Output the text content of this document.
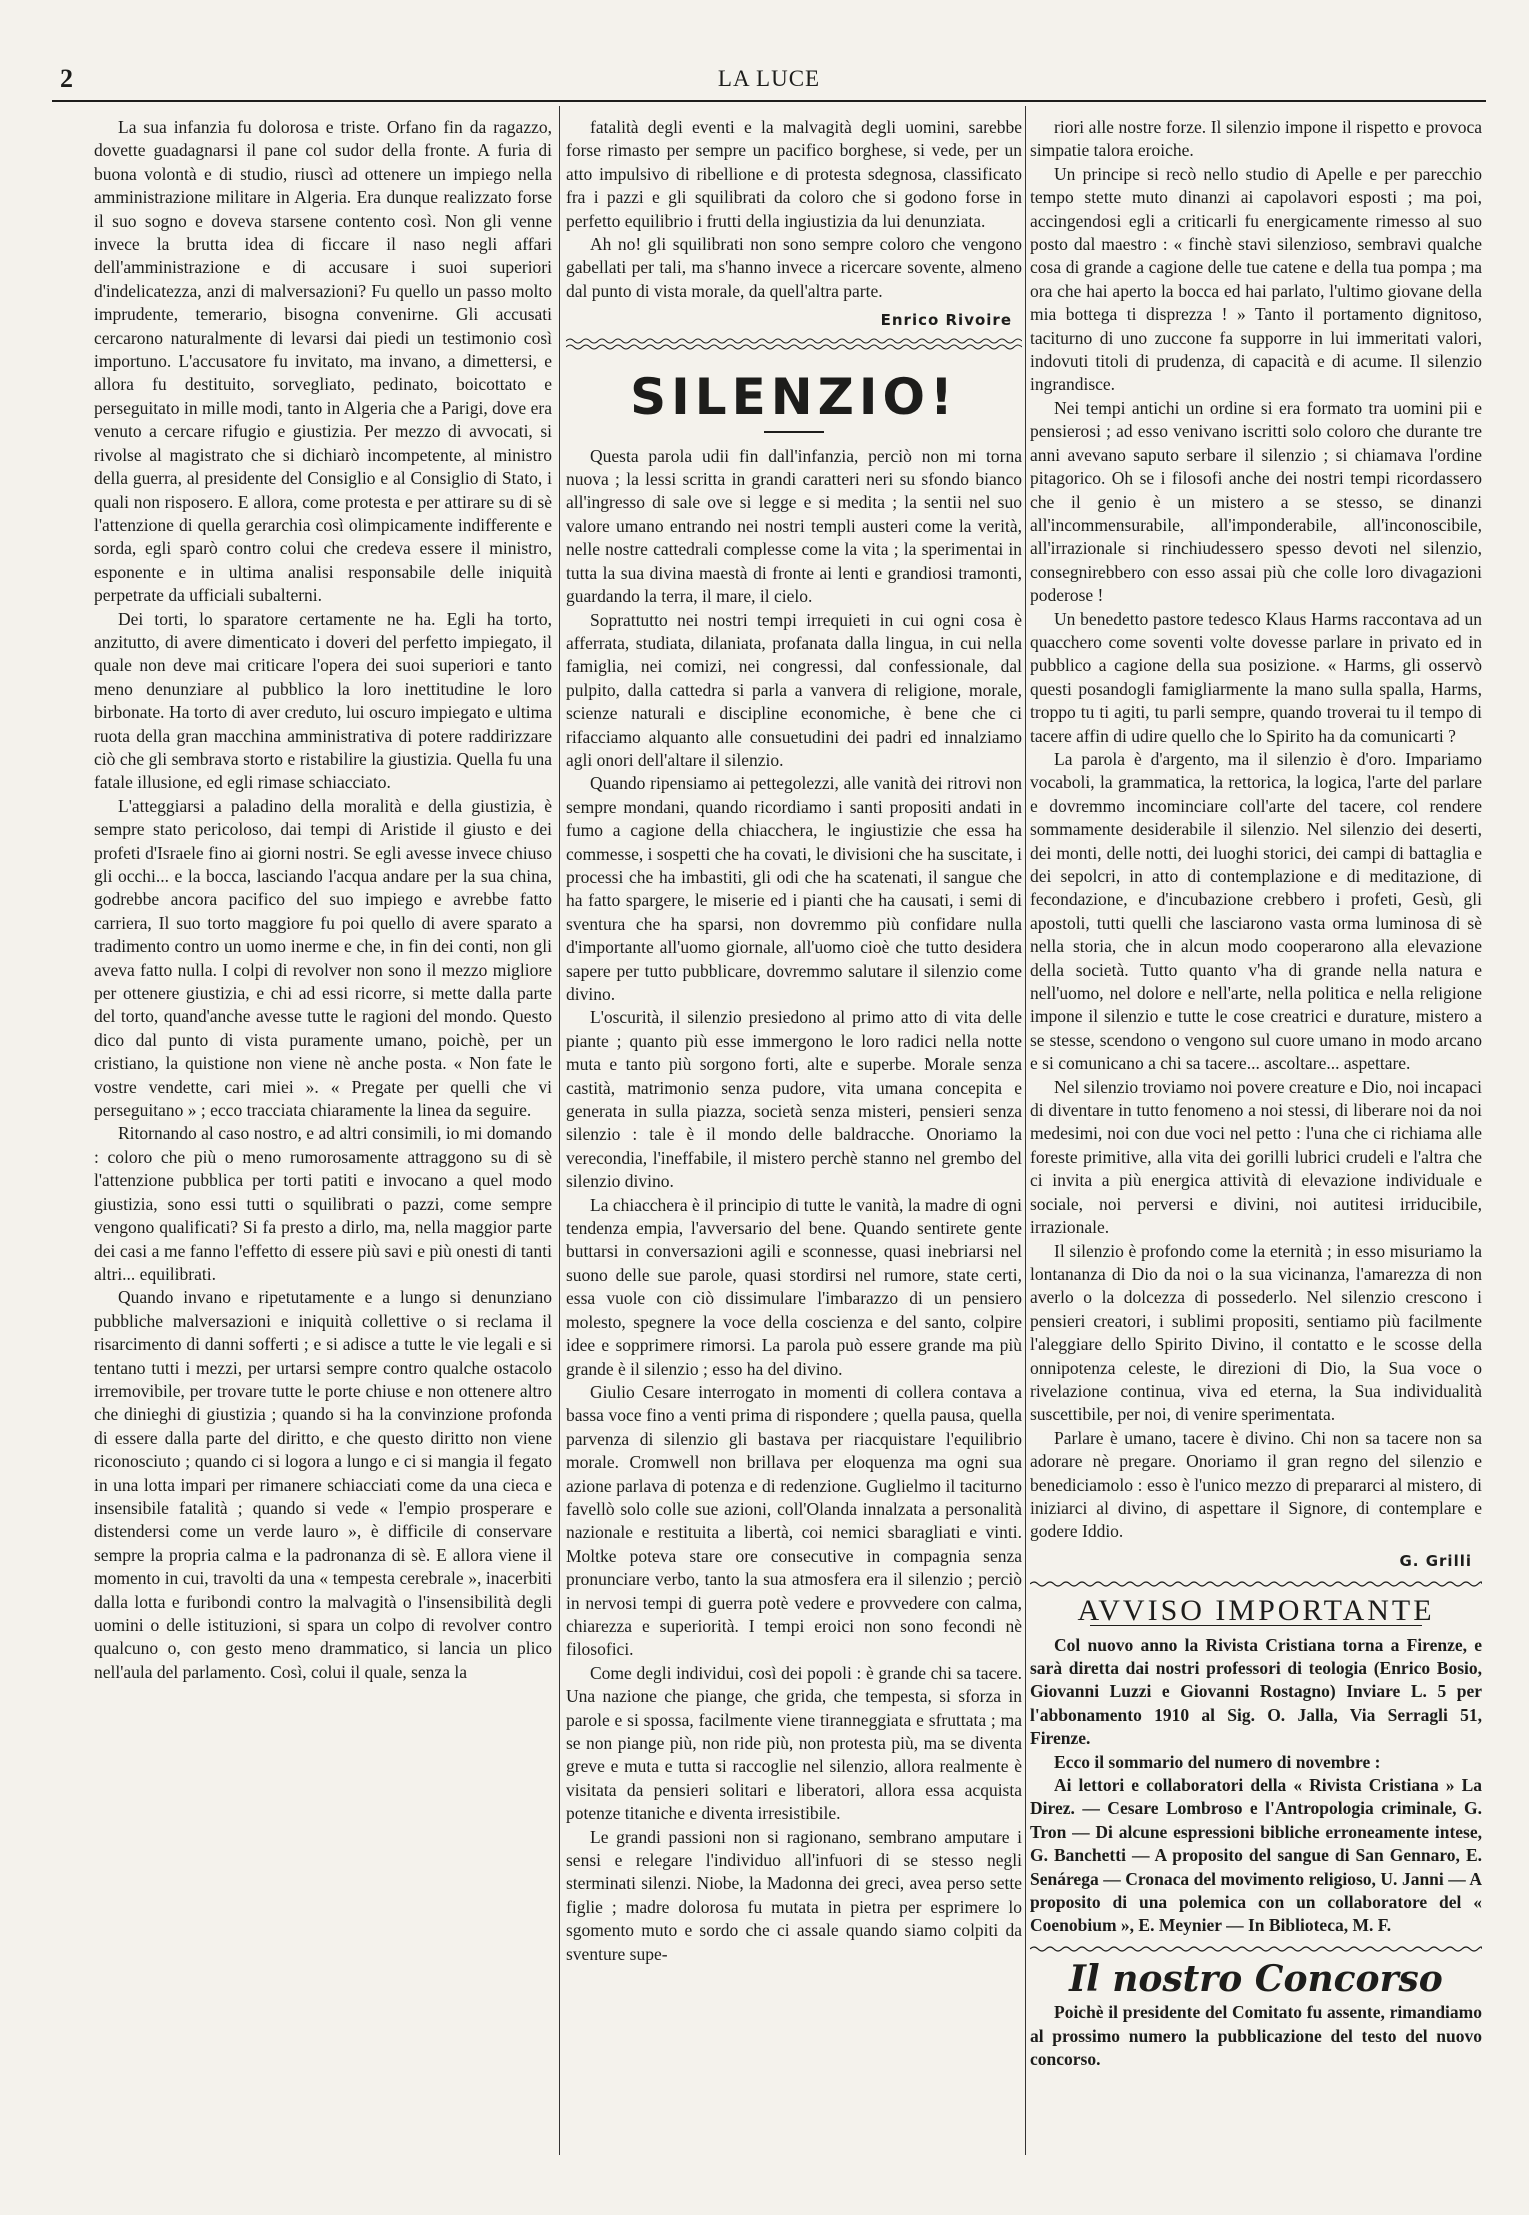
2	LA LUCE

La sua infanzia fu dolorosa e triste. Orfano fin da ragazzo, dovette guadagnarsi il pane col sudor della fronte. A furia di buona volontà e di studio, riuscì ad ottenere un impiego nella amministrazione militare in Algeria. Era dunque realizzato forse il suo sogno e doveva starsene contento così. Non gli venne invece la brutta idea di ficcare il naso negli affari dell'amministrazione e di accusare i suoi superiori d'indelicatezza, anzi di malversazioni? Fu quello un passo molto imprudente, temerario, bisogna convenirne. Gli accusati cercarono naturalmente di levarsi dai piedi un testimonio così importuno. L'accusatore fu invitato, ma invano, a dimettersi, e allora fu destituito, sorvegliato, pedinato, boicottato e perseguitato in mille modi, tanto in Algeria che a Parigi, dove era venuto a cercare rifugio e giustizia. Per mezzo di avvocati, si rivolse al magistrato che si dichiarò incompetente, al ministro della guerra, al presidente del Consiglio e al Consiglio di Stato, i quali non risposero. E allora, come protesta e per attirare su di sè l'attenzione di quella gerarchia così olimpicamente indifferente e sorda, egli sparò contro colui che credeva essere il ministro, esponente e in ultima analisi responsabile delle iniquità perpetrate da ufficiali subalterni.

Dei torti, lo sparatore certamente ne ha. Egli ha torto, anzitutto, di avere dimenticato i doveri del perfetto impiegato, il quale non deve mai criticare l'opera dei suoi superiori e tanto meno denunziare al pubblico la loro inettitudine le loro birbonate. Ha torto di aver creduto, lui oscuro impiegato e ultima ruota della gran macchina amministrativa di potere raddirizzare ciò che gli sembrava storto e ristabilire la giustizia. Quella fu una fatale illusione, ed egli rimase schiacciato.

L'atteggiarsi a paladino della moralità e della giustizia, è sempre stato pericoloso, dai tempi di Aristide il giusto e dei profeti d'Israele fino ai giorni nostri. Se egli avesse invece chiuso gli occhi... e la bocca, lasciando l'acqua andare per la sua china, godrebbe ancora pacifico del suo impiego e avrebbe fatto carriera, Il suo torto maggiore fu poi quello di avere sparato a tradimento contro un uomo inerme e che, in fin dei conti, non gli aveva fatto nulla. I colpi di revolver non sono il mezzo migliore per ottenere giustizia, e chi ad essi ricorre, si mette dalla parte del torto, quand'anche avesse tutte le ragioni del mondo. Questo dico dal punto di vista puramente umano, poichè, per un cristiano, la quistione non viene nè anche posta. « Non fate le vostre vendette, cari miei ». « Pregate per quelli che vi perseguitano » ; ecco tracciata chiaramente la linea da seguire.

Ritornando al caso nostro, e ad altri consimili, io mi domando : coloro che più o meno rumorosamente attraggono su di sè l'attenzione pubblica per torti patiti e invocano a quel modo giustizia, sono essi tutti o squilibrati o pazzi, come sempre vengono qualificati? Si fa presto a dirlo, ma, nella maggior parte dei casi a me fanno l'effetto di essere più savi e più onesti di tanti altri... equilibrati.

Quando invano e ripetutamente e a lungo si denunziano pubbliche malversazioni e iniquità collettive o si reclama il risarcimento di danni sofferti ; e si adisce a tutte le vie legali e si tentano tutti i mezzi, per urtarsi sempre contro qualche ostacolo irremovibile, per trovare tutte le porte chiuse e non ottenere altro che dinieghi di giustizia ; quando si ha la convinzione profonda di essere dalla parte del diritto, e che questo diritto non viene riconosciuto ; quando ci si logora a lungo e ci si mangia il fegato in una lotta impari per rimanere schiacciati come da una cieca e insensibile fatalità ; quando si vede « l'empio prosperare e distendersi come un verde lauro », è difficile di conservare sempre la propria calma e la padronanza di sè. E allora viene il momento in cui, travolti da una « tempesta cerebrale », inacerbiti dalla lotta e furibondi contro la malvagità o l'insensibilità degli uomini o delle istituzioni, si spara un colpo di revolver contro qualcuno o, con gesto meno drammatico, si lancia un plico nell'aula del parlamento. Così, colui il quale, senza la

fatalità degli eventi e la malvagità degli uomini, sarebbe forse rimasto per sempre un pacifico borghese, si vede, per un atto impulsivo di ribellione e di protesta sdegnosa, classificato fra i pazzi e gli squilibrati da coloro che si godono forse in perfetto equilibrio i frutti della ingiustizia da lui denunziata.

Ah no! gli squilibrati non sono sempre coloro che vengono gabellati per tali, ma s'hanno invece a ricercare sovente, almeno dal punto di vista morale, da quell'altra parte.

Enrico Rivoire
SILENZIO!

Questa parola udii fin dall'infanzia, perciò non mi torna nuova ; la lessi scritta in grandi caratteri neri su sfondo bianco all'ingresso di sale ove si legge e si medita ; la sentii nel suo valore umano entrando nei nostri templi austeri come la verità, nelle nostre cattedrali complesse come la vita ; la sperimentai in tutta la sua divina maestà di fronte ai lenti e grandiosi tramonti, guardando la terra, il mare, il cielo.

Soprattutto nei nostri tempi irrequieti in cui ogni cosa è afferrata, studiata, dilaniata, profanata dalla lingua, in cui nella famiglia, nei comizi, nei congressi, dal confessionale, dal pulpito, dalla cattedra si parla a vanvera di religione, morale, scienze naturali e discipline economiche, è bene che ci rifacciamo alquanto alle consuetudini dei padri ed innalziamo agli onori dell'altare il silenzio.

Quando ripensiamo ai pettegolezzi, alle vanità dei ritrovi non sempre mondani, quando ricordiamo i santi propositi andati in fumo a cagione della chiacchera, le ingiustizie che essa ha commesse, i sospetti che ha covati, le divisioni che ha suscitate, i processi che ha imbastiti, gli odi che ha scatenati, il sangue che ha fatto spargere, le miserie ed i pianti che ha causati, i semi di sventura che ha sparsi, non dovremmo più confidare nulla d'importante all'uomo giornale, all'uomo cioè che tutto desidera sapere per tutto pubblicare, dovremmo salutare il silenzio come divino.

L'oscurità, il silenzio presiedono al primo atto di vita delle piante ; quanto più esse immergono le loro radici nella notte muta e tanto più sorgono forti, alte e superbe. Morale senza castità, matrimonio senza pudore, vita umana concepita e generata in sulla piazza, società senza misteri, pensieri senza silenzio : tale è il mondo delle baldracche. Onoriamo la verecondia, l'ineffabile, il mistero perchè stanno nel grembo del silenzio divino.

La chiacchera è il principio di tutte le vanità, la madre di ogni tendenza empia, l'avversario del bene. Quando sentirete gente buttarsi in conversazioni agili e sconnesse, quasi inebriarsi nel suono delle sue parole, quasi stordirsi nel rumore, state certi, essa vuole con ciò dissimulare l'imbarazzo di un pensiero molesto, spegnere la voce della coscienza e del santo, colpire idee e sopprimere rimorsi. La parola può essere grande ma più grande è il silenzio ; esso ha del divino.

Giulio Cesare interrogato in momenti di collera contava a bassa voce fino a venti prima di rispondere ; quella pausa, quella parvenza di silenzio gli bastava per riacquistare l'equilibrio morale. Cromwell non brillava per eloquenza ma ogni sua azione parlava di potenza e di redenzione. Guglielmo il taciturno favellò solo colle sue azioni, coll'Olanda innalzata a personalità nazionale e restituita a libertà, coi nemici sbaragliati e vinti. Moltke poteva stare ore consecutive in compagnia senza pronunciare verbo, tanto la sua atmosfera era il silenzio ; perciò in nervosi tempi di guerra potè vedere e provvedere con calma, chiarezza e superiorità. I tempi eroici non sono fecondi nè filosofici.

Come degli individui, così dei popoli : è grande chi sa tacere. Una nazione che piange, che grida, che tempesta, si sforza in parole e si spossa, facilmente viene tiranneggiata e sfruttata ; ma se non piange più, non ride più, non protesta più, ma se diventa greve e muta e tutta si raccoglie nel silenzio, allora realmente è visitata da pensieri solitari e liberatori, allora essa acquista potenze titaniche e diventa irresistibile.

Le grandi passioni non si ragionano, sembrano amputare i sensi e relegare l'individuo all'infuori di se stesso negli sterminati silenzi. Niobe, la Madonna dei greci, avea perso sette figlie ; madre dolorosa fu mutata in pietra per esprimere lo sgomento muto e sordo che ci assale quando siamo colpiti da sventure supe-

riori alle nostre forze. Il silenzio impone il rispetto e provoca simpatie talora eroiche.

Un principe si recò nello studio di Apelle e per parecchio tempo stette muto dinanzi ai capolavori esposti ; ma poi, accingendosi egli a criticarli fu energicamente rimesso al suo posto dal maestro : « finchè stavi silenzioso, sembravi qualche cosa di grande a cagione delle tue catene e della tua pompa ; ma ora che hai aperto la bocca ed hai parlato, l'ultimo giovane della mia bottega ti disprezza ! » Tanto il portamento dignitoso, taciturno di uno zuccone fa supporre in lui immeritati valori, indovuti titoli di prudenza, di capacità e di acume. Il silenzio ingrandisce.

Nei tempi antichi un ordine si era formato tra uomini pii e pensierosi ; ad esso venivano iscritti solo coloro che durante tre anni avevano saputo serbare il silenzio ; si chiamava l'ordine pitagorico. Oh se i filosofi anche dei nostri tempi ricordassero che il genio è un mistero a se stesso, se dinanzi all'incommensurabile, all'imponderabile, all'inconoscibile, all'irrazionale si rinchiudessero spesso devoti nel silenzio, consegnirebbero con esso assai più che colle loro divagazioni poderose !

Un benedetto pastore tedesco Klaus Harms raccontava ad un quacchero come soventi volte dovesse parlare in privato ed in pubblico a cagione della sua posizione. « Harms, gli osservò questi posandogli famigliarmente la mano sulla spalla, Harms, troppo tu ti agiti, tu parli sempre, quando troverai tu il tempo di tacere affin di udire quello che lo Spirito ha da comunicarti ?

La parola è d'argento, ma il silenzio è d'oro. Impariamo vocaboli, la grammatica, la rettorica, la logica, l'arte del parlare e dovremmo incominciare coll'arte del tacere, col rendere sommamente desiderabile il silenzio. Nel silenzio dei deserti, dei monti, delle notti, dei luoghi storici, dei campi di battaglia e dei sepolcri, in atto di contemplazione e di meditazione, di fecondazione, e d'incubazione crebbero i profeti, Gesù, gli apostoli, tutti quelli che lasciarono vasta orma luminosa di sè nella storia, che in alcun modo cooperarono alla elevazione della società. Tutto quanto v'ha di grande nella natura e nell'uomo, nel dolore e nell'arte, nella politica e nella religione impone il silenzio e tutte le cose creatrici e durature, mistero a se stesse, scendono o vengono sul cuore umano in modo arcano e si comunicano a chi sa tacere... ascoltare... aspettare.

Nel silenzio troviamo noi povere creature e Dio, noi incapaci di diventare in tutto fenomeno a noi stessi, di liberare noi da noi medesimi, noi con due voci nel petto : l'una che ci richiama alle foreste primitive, alla vita dei gorilli lubrici crudeli e l'altra che ci invita a più energica attività di elevazione individuale e sociale, noi perversi e divini, noi autitesi irriducibile, irrazionale.

Il silenzio è profondo come la eternità ; in esso misuriamo la lontananza di Dio da noi o la sua vicinanza, l'amarezza di non averlo o la dolcezza di possederlo. Nel silenzio crescono i pensieri creatori, i sublimi propositi, sentiamo più facilmente l'aleggiare dello Spirito Divino, il contatto e le scosse della onnipotenza celeste, le direzioni di Dio, la Sua voce o rivelazione continua, viva ed eterna, la Sua individualità suscettibile, per noi, di venire sperimentata.

Parlare è umano, tacere è divino. Chi non sa tacere non sa adorare nè pregare. Onoriamo il gran regno del silenzio e benediciamolo : esso è l'unico mezzo di prepararci al mistero, di iniziarci al divino, di aspettare il Signore, di contemplare e godere Iddio.

G. Grilli
AVVISO IMPORTANTE

Col nuovo anno la Rivista Cristiana torna a Firenze, e sarà diretta dai nostri professori di teologia (Enrico Bosio, Giovanni Luzzi e Giovanni Rostagno) Inviare L. 5 per l'abbonamento 1910 al Sig. O. Jalla, Via Serragli 51, Firenze.

Ecco il sommario del numero di novembre :

Ai lettori e collaboratori della « Rivista Cristiana » La Direz. — Cesare Lombroso e l'Antropologia criminale, G. Tron — Di alcune espressioni bibliche erroneamente intese, G. Banchetti — A proposito del sangue di San Gennaro, E. Senárega — Cronaca del movimento religioso, U. Janni — A proposito di una polemica con un collaboratore del « Coenobium », E. Meynier — In Biblioteca, M. F.

Il nostro Concorso

Poichè il presidente del Comitato fu assente, rimandiamo al prossimo numero la pubblicazione del testo del nuovo concorso.
